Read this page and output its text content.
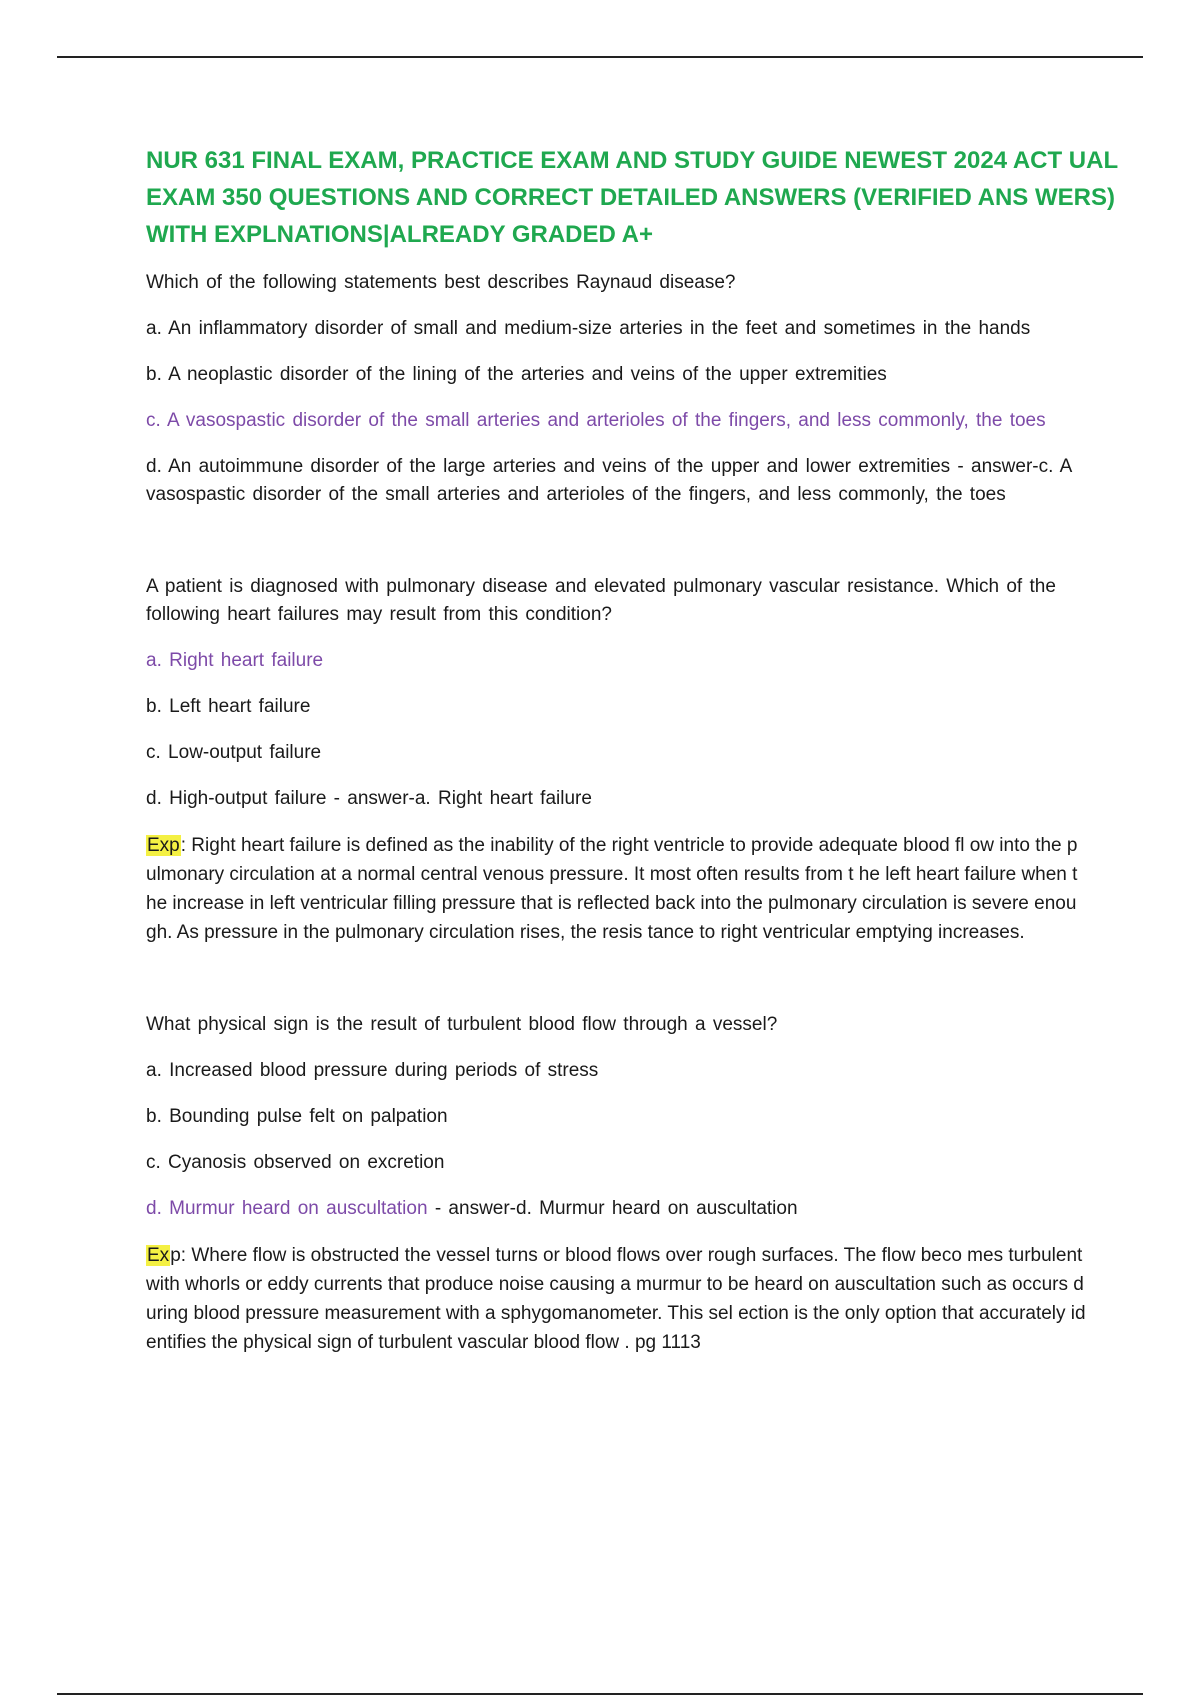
NUR 631 FINAL EXAM, PRACTICE EXAM AND STUDY GUIDE NEWEST 2024 ACT UAL EXAM 350 QUESTIONS AND CORRECT DETAILED ANSWERS (VERIFIED ANS WERS) WITH EXPLNATIONS|ALREADY GRADED A+
Which of the following statements best describes Raynaud disease?
a. An inflammatory disorder of small and medium-size arteries in the feet and sometimes in the hands
b. A neoplastic disorder of the lining of the arteries and veins of the upper extremities
c. A vasospastic disorder of the small arteries and arterioles of the fingers, and less commonly, the toes
d. An autoimmune disorder of the large arteries and veins of the upper and lower extremities - answer-c. A vasospastic disorder of the small arteries and arterioles of the fingers, and less commonly, the toes
A patient is diagnosed with pulmonary disease and elevated pulmonary vascular resistance. Which of the following heart failures may result from this condition?
a. Right heart failure
b. Left heart failure
c. Low-output failure
d. High-output failure - answer-a. Right heart failure
Exp: Right heart failure is defined as the inability of the right ventricle to provide adequate blood fl ow into the pulmonary circulation at a normal central venous pressure. It most often results from t he left heart failure when the increase in left ventricular filling pressure that is reflected back into the pulmonary circulation is severe enough. As pressure in the pulmonary circulation rises, the resis tance to right ventricular emptying increases.
What physical sign is the result of turbulent blood flow through a vessel?
a. Increased blood pressure during periods of stress
b. Bounding pulse felt on palpation
c. Cyanosis observed on excretion
d. Murmur heard on auscultation - answer-d. Murmur heard on auscultation
Exp: Where flow is obstructed the vessel turns or blood flows over rough surfaces. The flow beco mes turbulent with whorls or eddy currents that produce noise causing a murmur to be heard on auscultation such as occurs during blood pressure measurement with a sphygomanometer. This sel ection is the only option that accurately identifies the physical sign of turbulent vascular blood flow . pg 1113
